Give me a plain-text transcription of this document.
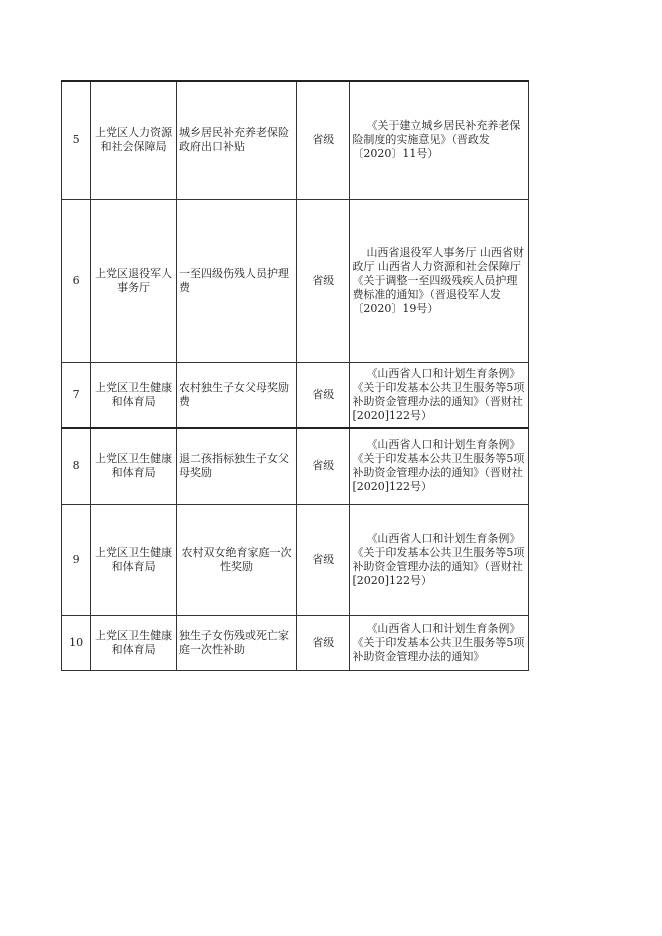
5	上党区人力资源和社会保障局	城乡居民补充养老保险政府出口补贴	省级	《关于建立城乡居民补充养老保险制度的实施意见》（晋政发〔2020〕11号）

6	上党区退役军人事务厅	一至四级伤残人员护理费	省级	山西省退役军人事务厅 山西省财政厅 山西省人力资源和社会保障厅《关于调整一至四级残疾人员护理费标准的通知》（晋退役军人发〔2020〕19号）

7	上党区卫生健康和体育局	农村独生子女父母奖励费	省级	《山西省人口和计划生育条例》
《关于印发基本公共卫生服务等5项补助资金管理办法的通知》（晋财社[2020]122号）

8	上党区卫生健康和体育局	退二孩指标独生子女父母奖励	省级	《山西省人口和计划生育条例》
《关于印发基本公共卫生服务等5项补助资金管理办法的通知》（晋财社[2020]122号）

9	上党区卫生健康和体育局	农村双女绝育家庭一次性奖励	省级	《山西省人口和计划生育条例》
《关于印发基本公共卫生服务等5项补助资金管理办法的通知》（晋财社[2020]122号）

10	上党区卫生健康和体育局	独生子女伤残或死亡家庭一次性补助	省级	《山西省人口和计划生育条例》
《关于印发基本公共卫生服务等5项补助资金管理办法的通知》
